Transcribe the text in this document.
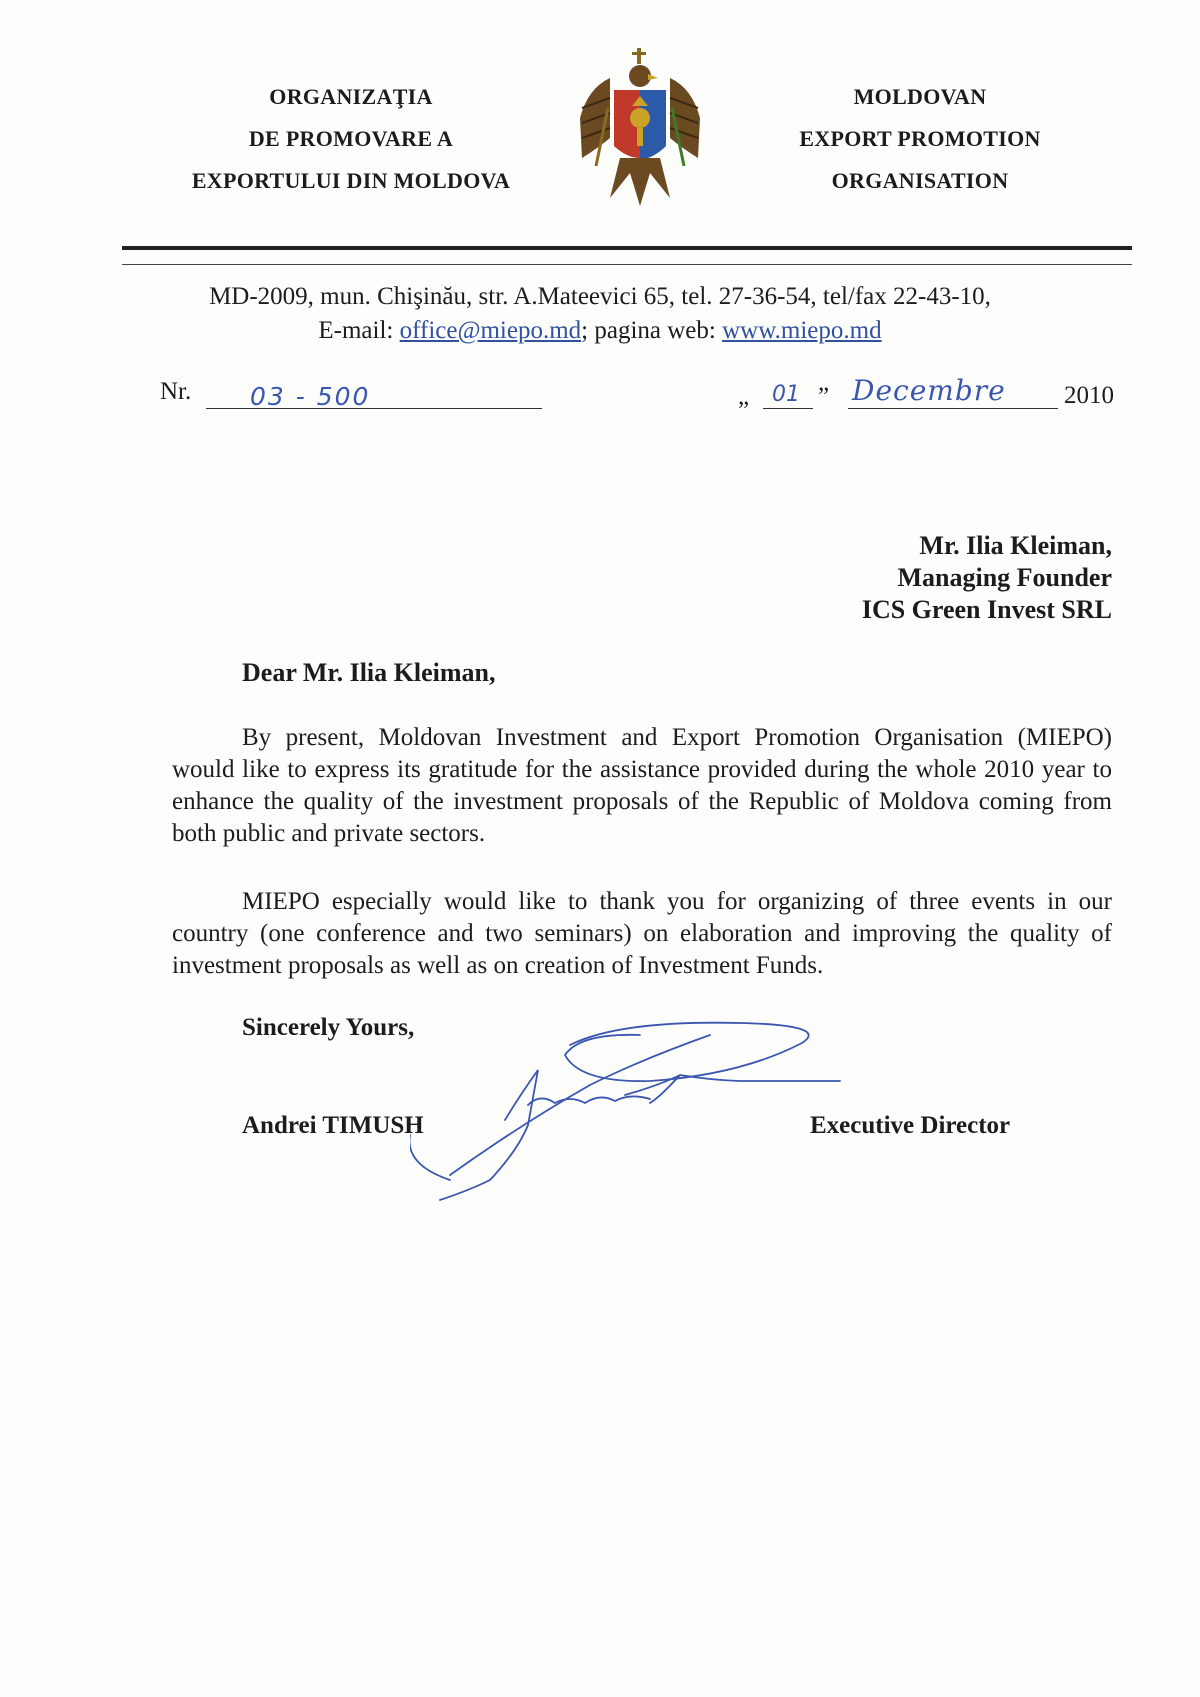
ORGANIZAŢIA
DE PROMOVARE A
EXPORTULUI DIN MOLDOVA
MOLDOVAN
EXPORT PROMOTION
ORGANISATION
MD-2009, mun. Chişinău, str. A.Mateevici 65, tel. 27-36-54, tel/fax 22-43-10,
E-mail: office@miepo.md; pagina web: www.miepo.md
Nr. 03 - 500	„ 01 ” Decembre 2010
Mr. Ilia Kleiman,
Managing Founder
ICS Green Invest SRL
Dear Mr. Ilia Kleiman,
By present, Moldovan Investment and Export Promotion Organisation (MIEPO) would like to express its gratitude for the assistance provided during the whole 2010 year to enhance the quality of the investment proposals of the Republic of Moldova coming from both public and private sectors.
MIEPO especially would like to thank you for organizing of three events in our country (one conference and two seminars) on elaboration and improving the quality of investment proposals as well as on creation of Investment Funds.
Sincerely Yours,
Andrei TIMUSH	Executive Director
